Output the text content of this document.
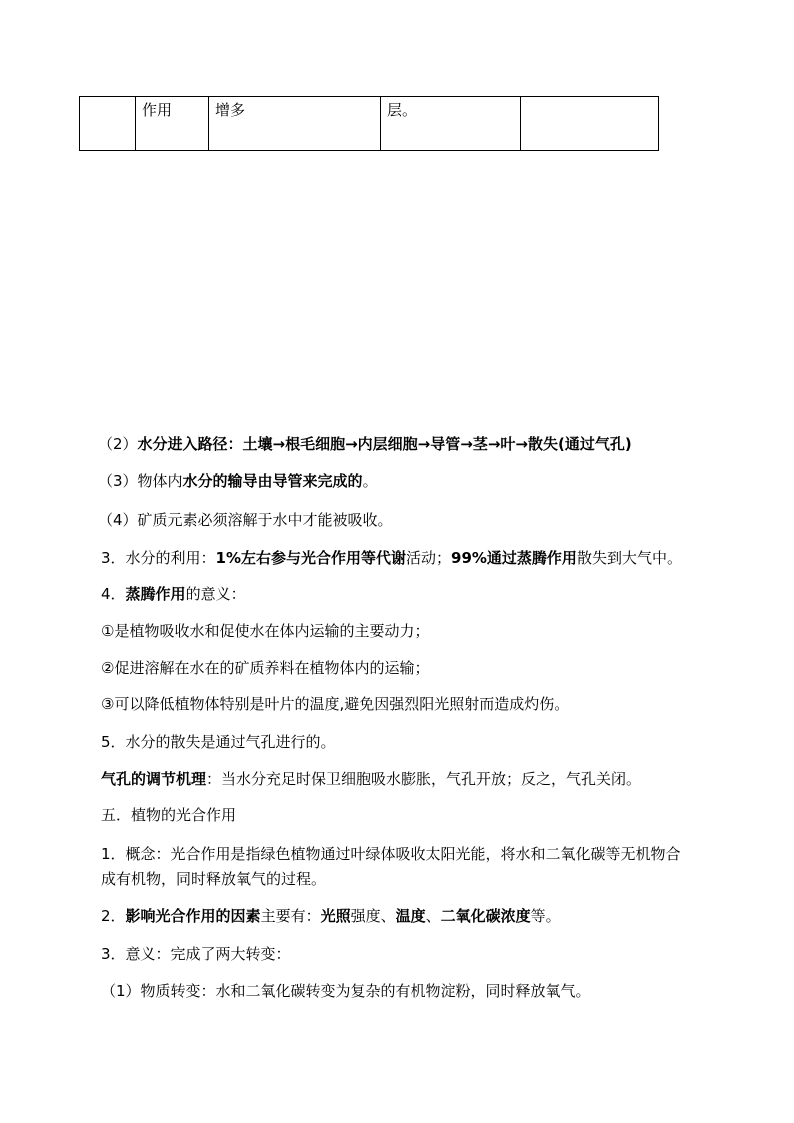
	作用	增多	层。	
（2）水分进入路径：土壤→根毛细胞→内层细胞→导管→茎→叶→散失(通过气孔)
（3）物体内水分的输导由导管来完成的。
（4）矿质元素必须溶解于水中才能被吸收。
3．水分的利用：1%左右参与光合作用等代谢活动；99%通过蒸腾作用散失到大气中。
4．蒸腾作用的意义：
①是植物吸收水和促使水在体内运输的主要动力；
②促进溶解在水在的矿质养料在植物体内的运输；
③可以降低植物体特别是叶片的温度,避免因强烈阳光照射而造成灼伤。
5．水分的散失是通过气孔进行的。
气孔的调节机理：当水分充足时保卫细胞吸水膨胀，气孔开放；反之，气孔关闭。
五．植物的光合作用
1．概念：光合作用是指绿色植物通过叶绿体吸收太阳光能，将水和二氧化碳等无机物合
成有机物，同时释放氧气的过程。
2．影响光合作用的因素主要有：光照强度、温度、二氧化碳浓度等。
3．意义：完成了两大转变：
（1）物质转变：水和二氧化碳转变为复杂的有机物淀粉，同时释放氧气。
